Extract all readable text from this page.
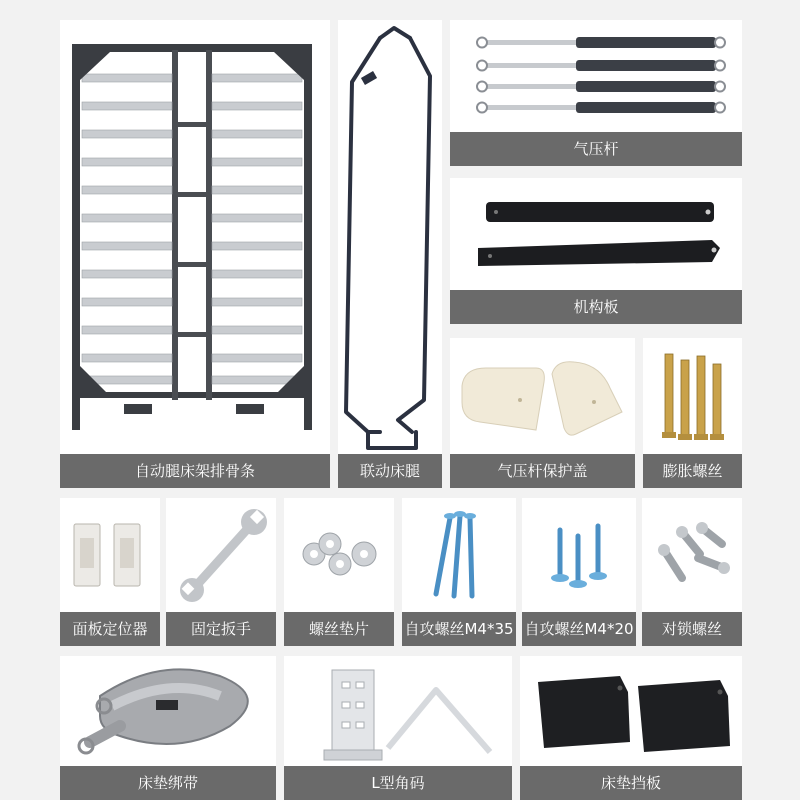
自动腿床架排骨条	联动床腿
气压杆
机构板
气压杆保护盖	膨胀螺丝
面板定位器	固定扳手	螺丝垫片	自攻螺丝M4*35 自攻螺丝M4*20	对锁螺丝
床垫绑带	L型角码	床垫挡板
